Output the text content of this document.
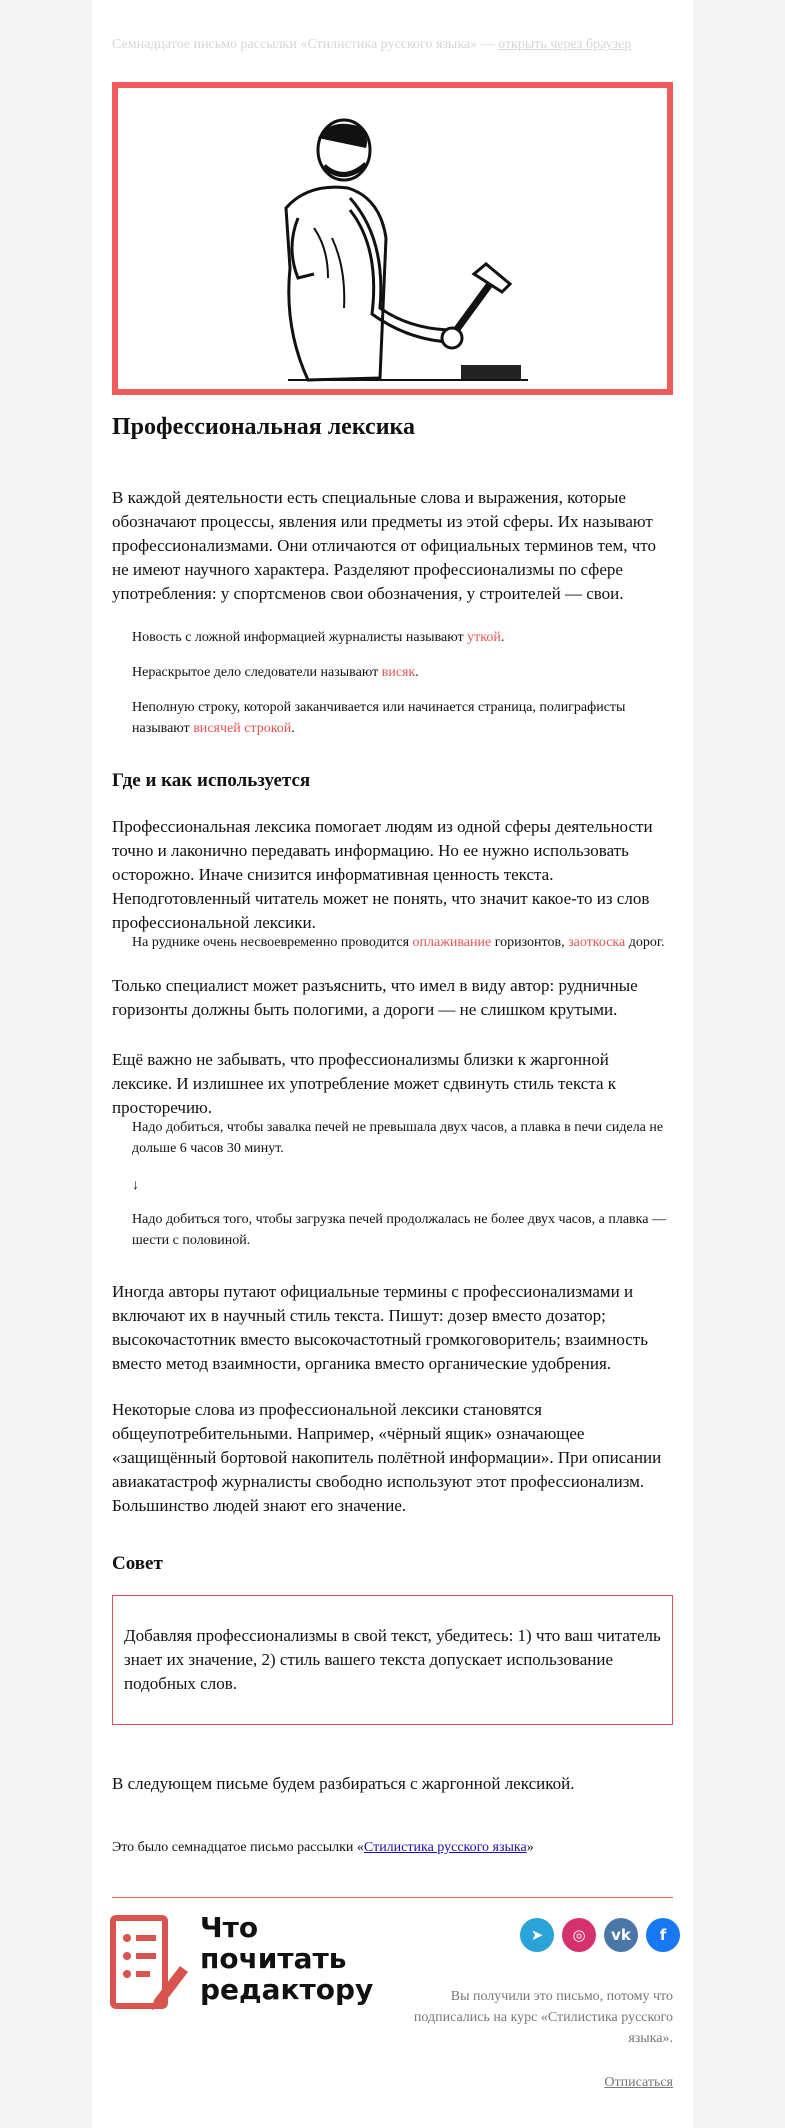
Семнадцатое письмо рассылки «Стилистика русского языка» — открыть через браузер
Профессиональная лексика

В каждой деятельности есть специальные слова и выражения, которые обозначают процессы, явления или предметы из этой сферы. Их называют профессионализмами. Они отличаются от официальных терминов тем, что не имеют научного характера. Разделяют профессионализмы по сфере употребления: у спортсменов свои обозначения, у строителей — свои.

Новость с ложной информацией журналисты называют уткой.
Нераскрытое дело следователи называют висяк.
Неполную строку, которой заканчивается или начинается страница, полиграфисты называют висячей строкой.
Где и как используется

Профессиональная лексика помогает людям из одной сферы деятельности точно и лаконично передавать информацию. Но ее нужно использовать осторожно. Иначе снизится информативная ценность текста. Неподготовленный читатель может не понять, что значит какое-то из слов профессиональной лексики.

На руднике очень несвоевременно проводится оплаживание горизонтов, заоткоска дорог.

Только специалист может разъяснить, что имел в виду автор: рудничные горизонты должны быть пологими, а дороги — не слишком крутыми.

Ещё важно не забывать, что профессионализмы близки к жаргонной лексике. И излишнее их употребление может сдвинуть стиль текста к просторечию.

Надо добиться, чтобы завалка печей не превышала двух часов, а плавка в печи сидела не дольше 6 часов 30 минут.
↓
Надо добиться того, чтобы загрузка печей продолжалась не более двух часов, а плавка — шести с половиной.

Иногда авторы путают официальные термины с профессионализмами и включают их в научный стиль текста. Пишут: дозер вместо дозатор; высокочастотник вместо высокочастотный громкоговоритель; взаимность вместо метод взаимности, органика вместо органические удобрения.

Некоторые слова из профессиональной лексики становятся общеупотребительными. Например, «чёрный ящик» означающее «защищённый бортовой накопитель полётной информации». При описании авиакатастроф журналисты свободно используют этот профессионализм. Большинство людей знают его значение.

Совет
Добавляя профессионализмы в свой текст, убедитесь: 1) что ваш читатель знает их значение, 2) стиль вашего текста допускает использование подобных слов.

В следующем письме будем разбираться с жаргонной лексикой.

Это было семнадцатое письмо рассылки «Стилистика русского языка»
Что
почитать
редактору
➤	◎	vk	f
Вы получили это письмо, потому что подписались на курс «Стилистика русского языка».
Отписаться
